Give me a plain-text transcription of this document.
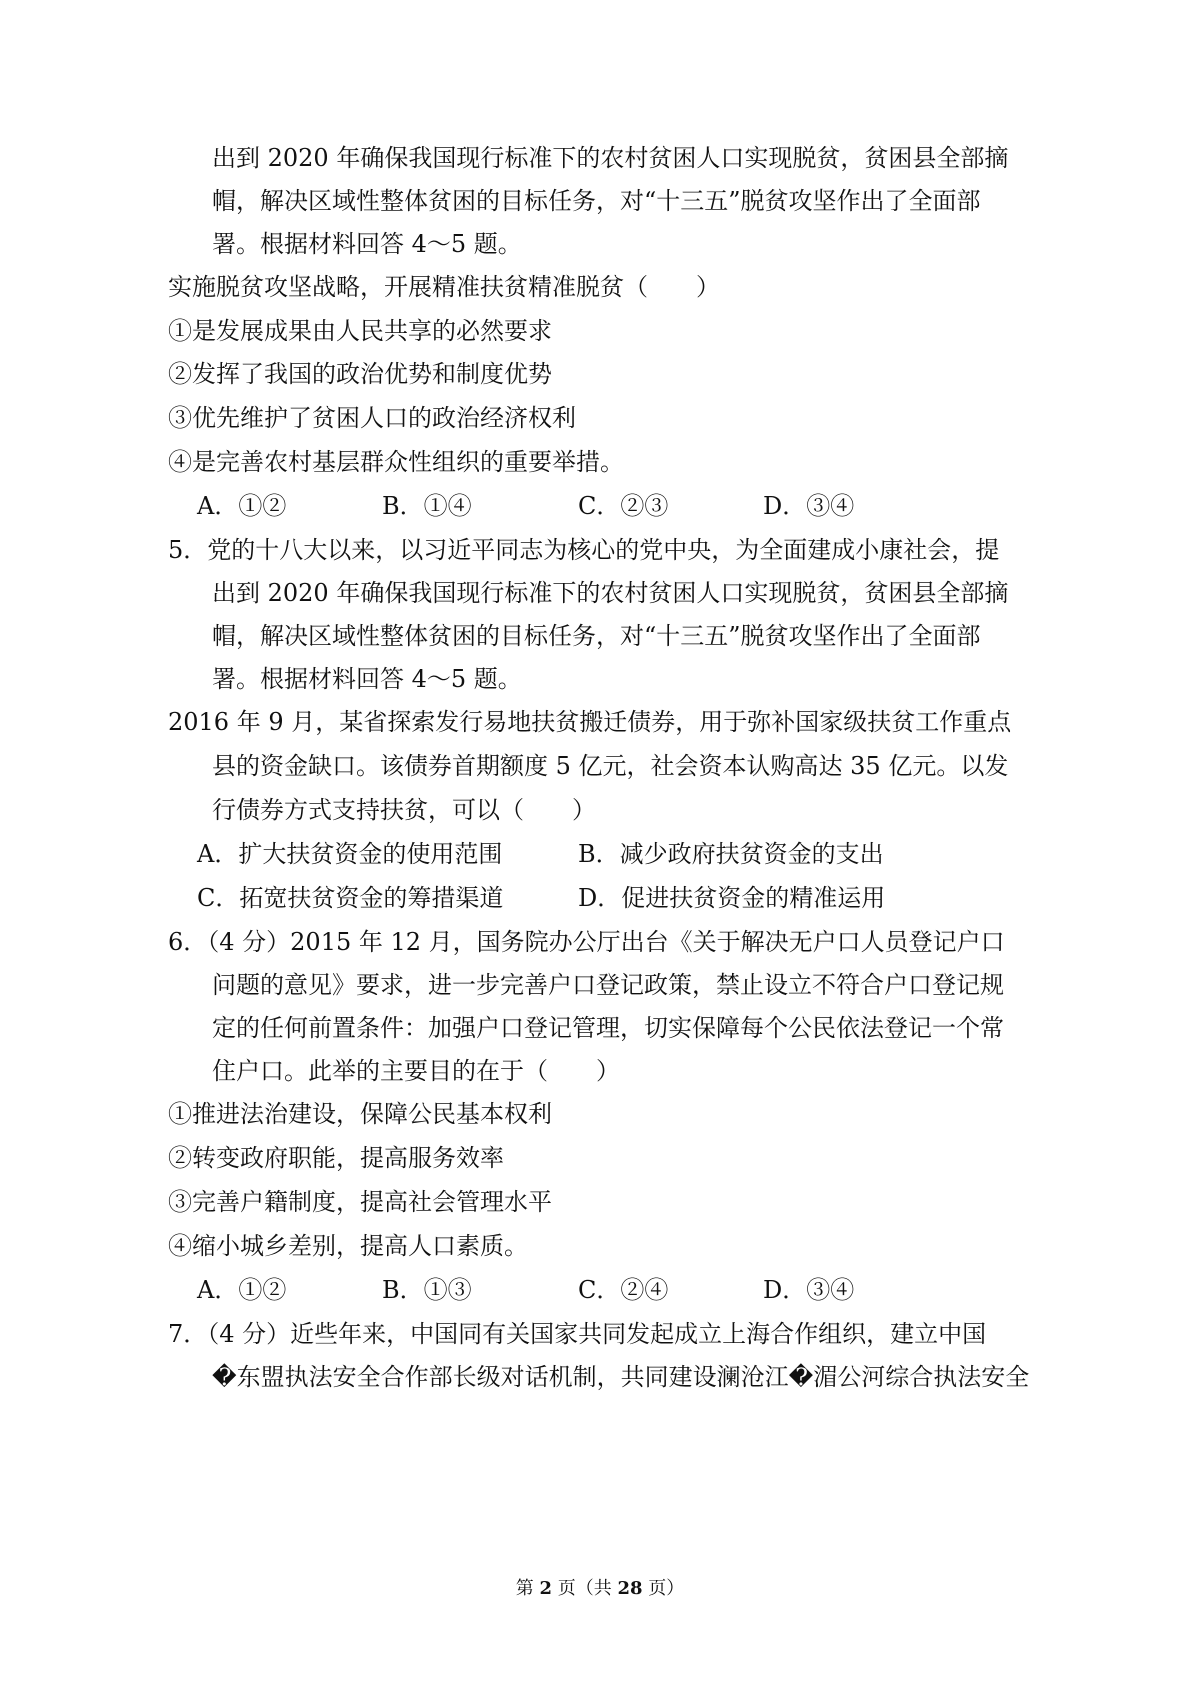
出到 2020 年确保我国现行标准下的农村贫困人口实现脱贫，贫困县全部摘
帽，解决区域性整体贫困的目标任务，对“十三五”脱贫攻坚作出了全面部
署。根据材料回答 4～5 题。
实施脱贫攻坚战略，开展精准扶贫精准脱贫（　　）
①是发展成果由人民共享的必然要求
②发挥了我国的政治优势和制度优势
③优先维护了贫困人口的政治经济权利
④是完善农村基层群众性组织的重要举措。
A．①②	B．①④	C．②③	D．③④
5．党的十八大以来，以习近平同志为核心的党中央，为全面建成小康社会，提
出到 2020 年确保我国现行标准下的农村贫困人口实现脱贫，贫困县全部摘
帽，解决区域性整体贫困的目标任务，对“十三五”脱贫攻坚作出了全面部
署。根据材料回答 4～5 题。
2016 年 9 月，某省探索发行易地扶贫搬迁债券，用于弥补国家级扶贫工作重点
县的资金缺口。该债券首期额度 5 亿元，社会资本认购高达 35 亿元。以发
行债券方式支持扶贫，可以（　　）
A．扩大扶贫资金的使用范围	B．减少政府扶贫资金的支出
C．拓宽扶贫资金的筹措渠道	D．促进扶贫资金的精准运用
6．（4 分）2015 年 12 月，国务院办公厅出台《关于解决无户口人员登记户口
问题的意见》要求，进一步完善户口登记政策，禁止设立不符合户口登记规
定的任何前置条件：加强户口登记管理，切实保障每个公民依法登记一个常
住户口。此举的主要目的在于（　　）
①推进法治建设，保障公民基本权利
②转变政府职能，提高服务效率
③完善户籍制度，提高社会管理水平
④缩小城乡差别，提高人口素质。
A．①②	B．①③	C．②④	D．③④
7．（4 分）近些年来，中国同有关国家共同发起成立上海合作组织，建立中国
�东盟执法安全合作部长级对话机制，共同建设澜沧江�湄公河综合执法安全
第 2 页（共 28 页）
